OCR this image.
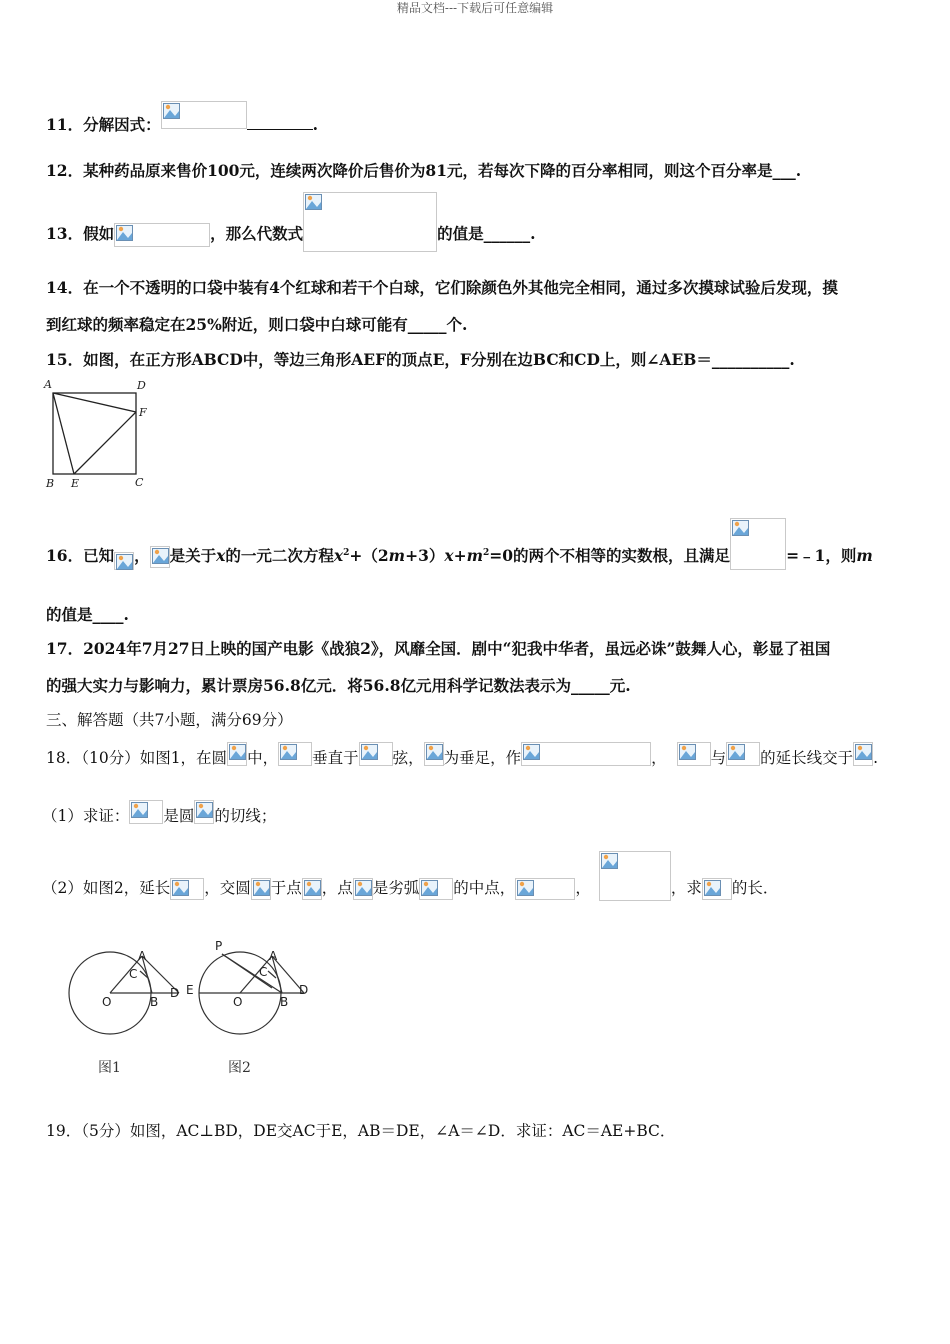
精品文档---下载后可任意编辑
11．分解因式：	.
12．某种药品原来售价100元，连续两次降价后售价为81元，若每次下降的百分率相同，则这个百分率是___.
13．假如	，那么代数式	的值是______.
14．在一个不透明的口袋中装有4个红球和若干个白球，它们除颜色外其他完全相同，通过多次摸球试验后发现，摸
到红球的频率稳定在25%附近，则口袋中白球可能有_____个.
15．如图，在正方形ABCD中，等边三角形AEF的顶点E，F分别在边BC和CD上，则∠AEB＝__________.
A	D
F
B E	C
16．已知 ， 是关于x的一元二次方程$x^2+(2m+3)x+m^2=0$的两个不相等的实数根，且满足	=﹣1，则m
的值是____.
17．2024年7月27日上映的国产电影《战狼2》，风靡全国．剧中“犯我中华者，虽远必诛”鼓舞人心，彰显了祖国
的强大实力与影响力，累计票房56.8亿元．将56.8亿元用科学记数法表示为_____元.
三、解答题（共7小题，满分69分）
18．（10分）如图1，在圆 中， 垂直于 弦， 为垂足，作	，	与 的延长线交于 .
（1）求证： 是圆 的切线；
（2）如图2，延长 ，交圆 于点 ，点 是劣弧 的中点，	，	，求 的长．
A
C
O	B
D
P
A
C
E
O	B
D
图1	图2
19．（5分）如图，AC⊥BD，DE交AC于E，AB＝DE，∠A＝∠D．求证：AC＝AE+BC．
